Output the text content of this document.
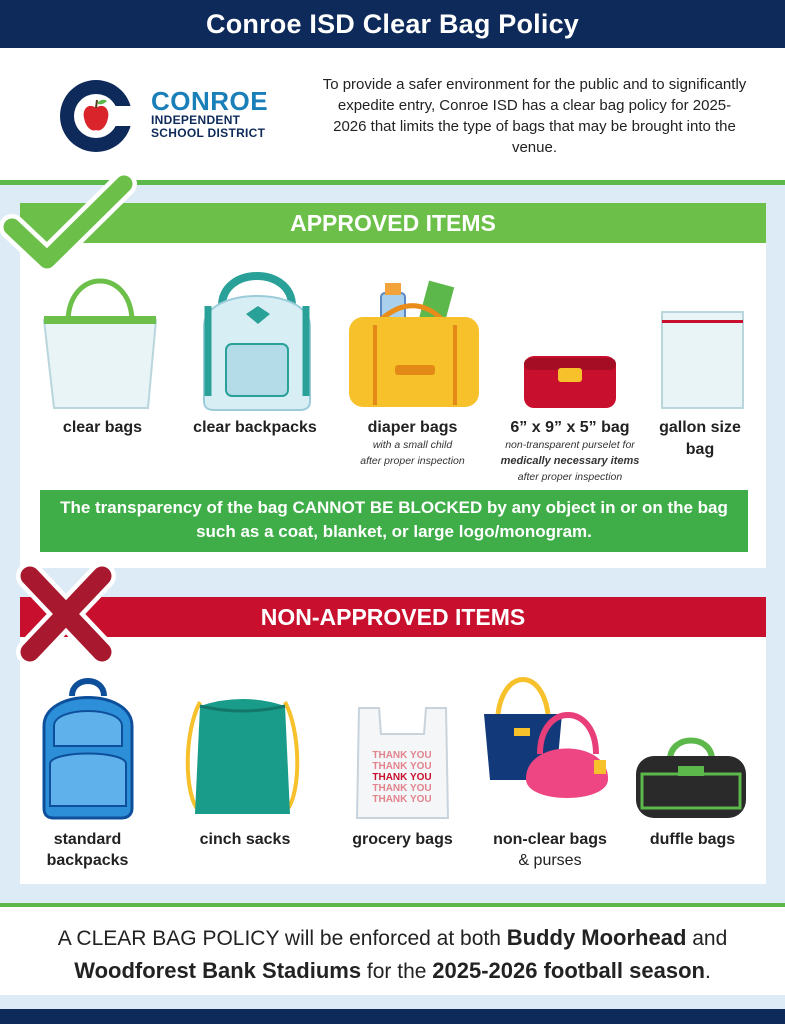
Conroe ISD Clear Bag Policy
CONROE
INDEPENDENT
SCHOOL DISTRICT
To provide a safer environment for the public and to significantly expedite entry, Conroe ISD has a clear bag policy for 2025-2026 that limits the type of bags that may be brought into the venue.
APPROVED ITEMS
clear bags	clear backpacks	diaper bags
with a small child
after proper inspection
6” x 9” x 5” bag
non-transparent purselet for
medically necessary items
after proper inspection
gallon size
bag
The transparency of the bag CANNOT BE BLOCKED by any object in or on the bag such as a coat, blanket, or large logo/monogram.
NON-APPROVED ITEMS
THANK YOU
THANK YOU
THANK YOU
THANK YOU
THANK YOU
standard
backpacks
cinch sacks	grocery bags	non-clear bags
& purses
duffle bags
A CLEAR BAG POLICY will be enforced at both Buddy Moorhead and
Woodforest Bank Stadiums for the 2025-2026 football season.
